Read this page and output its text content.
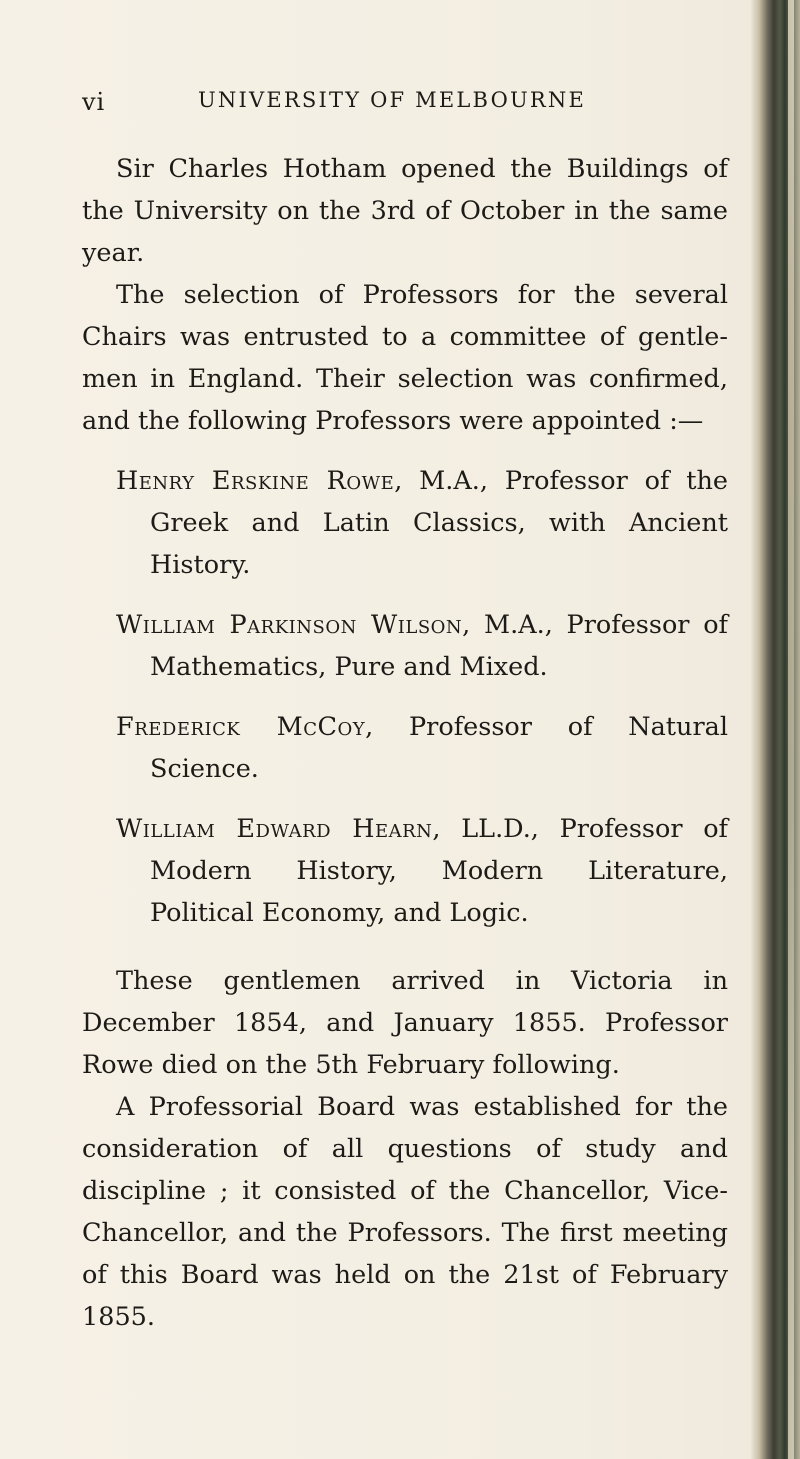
vi	UNIVERSITY OF MELBOURNE

Sir Charles Hotham opened the Buildings of the University on the 3rd of October in the same year.

The selection of Professors for the several Chairs was entrusted to a committee of gentle- men in England. Their selection was confirmed, and the following Professors were appointed :—

Henry Erskine Rowe, M.A., Professor of the Greek and Latin Classics, with Ancient History.
William Parkinson Wilson, M.A., Professor of Mathematics, Pure and Mixed.
Frederick McCoy, Professor of Natural Science.
William Edward Hearn, LL.D., Professor of Modern History, Modern Literature, Political Economy, and Logic.

These gentlemen arrived in Victoria in December 1854, and January 1855. Professor Rowe died on the 5th February following.

A Professorial Board was established for the consideration of all questions of study and discipline ; it consisted of the Chancellor, Vice- Chancellor, and the Professors. The first meeting of this Board was held on the 21st of February 1855.
